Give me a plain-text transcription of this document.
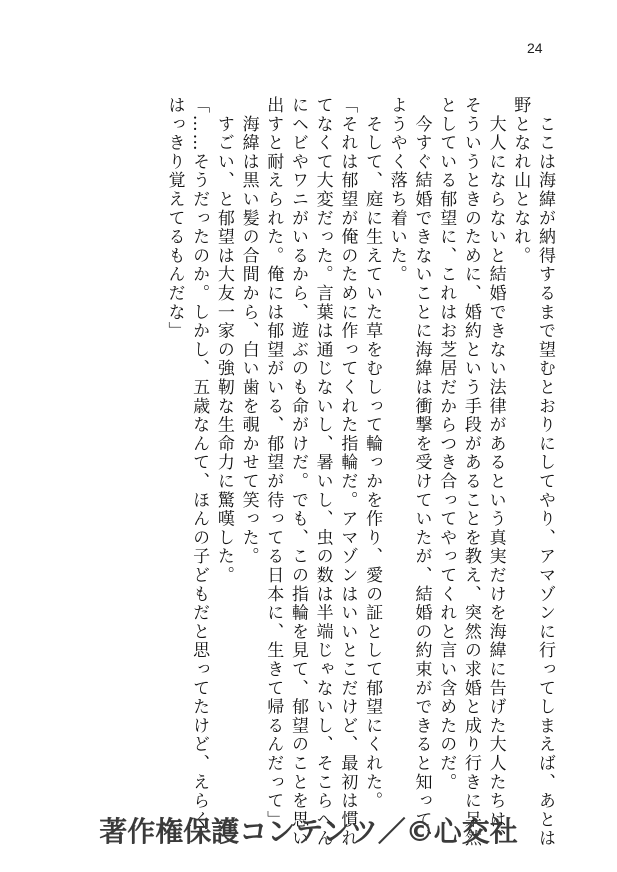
24
　ここは海緯が納得するまで望むとおりにしてやり、アマゾンに行ってしまえば、あとは
野となれ山となれ。
　大人にならないと結婚できない法律があるという真実だけを海緯に告げた大人たちは、
そういうときのために、婚約という手段があることを教え、突然の求婚と成り行きに呆然
としている郁望に、これはお芝居だからつき合ってやってくれと言い含めたのだ。
　今すぐ結婚できないことに海緯は衝撃を受けていたが、結婚の約束ができると知って、
ようやく落ち着いた。
　そして、庭に生えていた草をむしって輪っかを作り、愛の証として郁望にくれた。
「それは郁望が俺のために作ってくれた指輪だ。アマゾンはいいとこだけど、最初は慣れ
てなくて大変だった。言葉は通じないし、暑いし、虫の数は半端じゃないし、そこらへん
にヘビやワニがいるから、遊ぶのも命がけだ。でも、この指輪を見て、郁望のことを思い
出すと耐えられた。俺には郁望がいる、郁望が待ってる日本に、生きて帰るんだって」
　海緯は黒い髪の合間から、白い歯を覗かせて笑った。
　すごい、と郁望は大友一家の強靭な生命力に驚嘆した。
「……そうだったのか。しかし、五歳なんて、ほんの子どもだと思ってたけど、えらく
はっきり覚えてるもんだな」
著作権保護コンテンツ／©心交社
